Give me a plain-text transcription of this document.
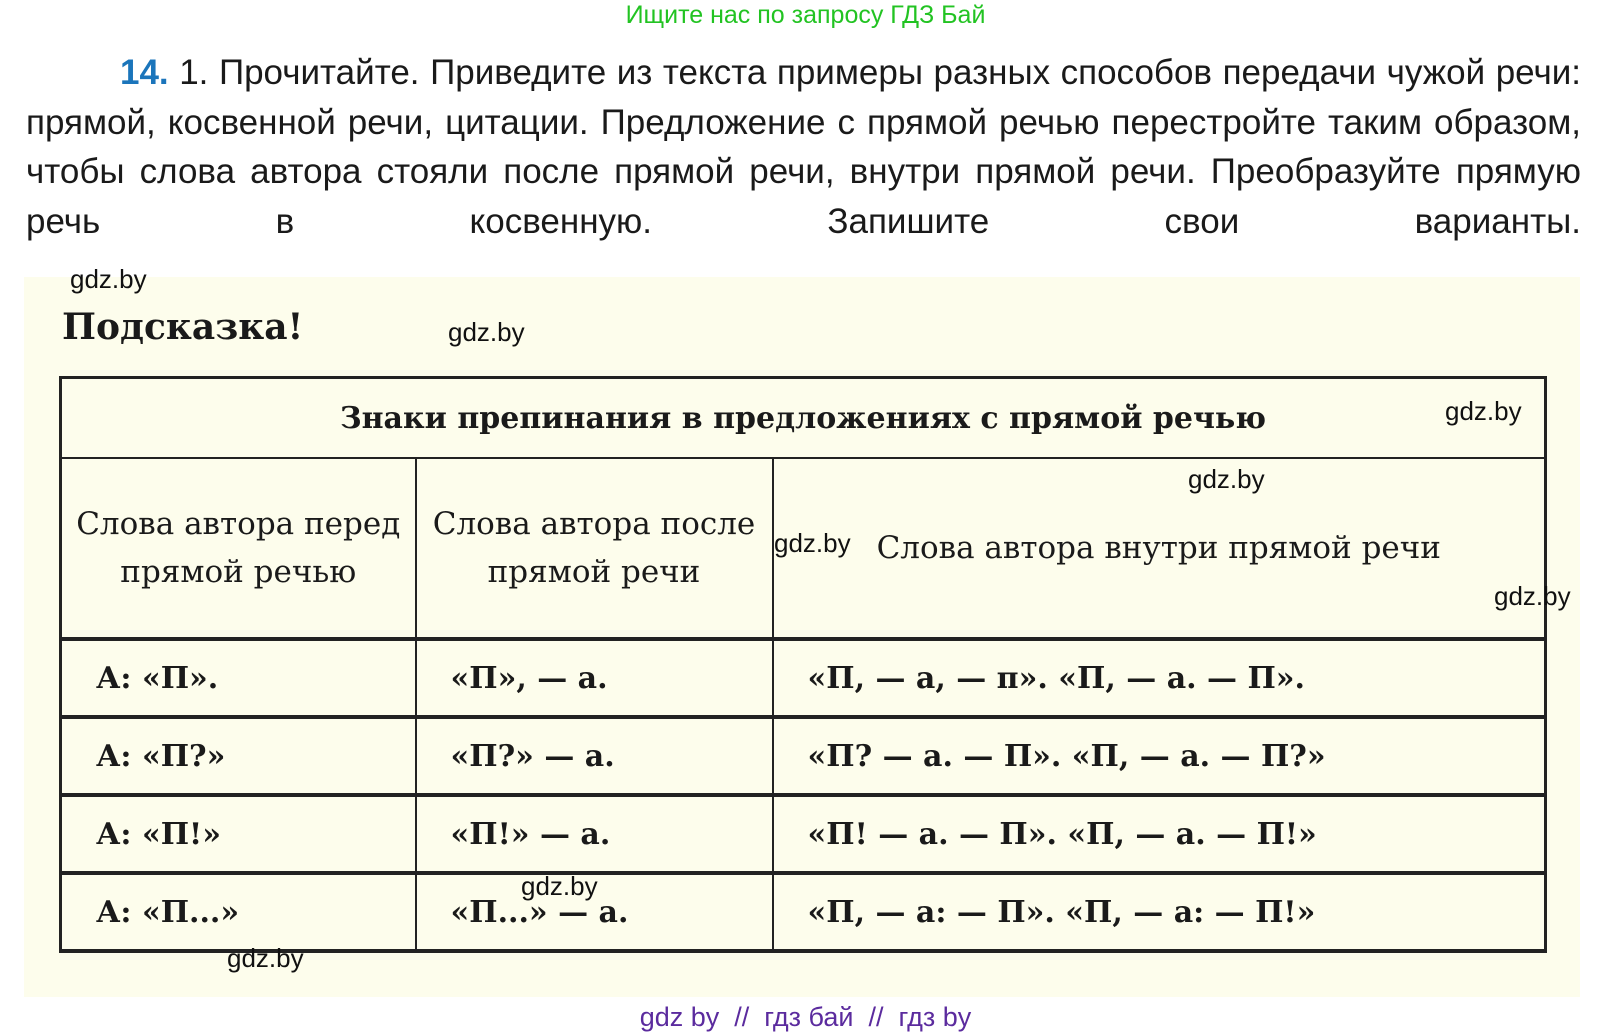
Ищите нас по запросу ГДЗ Бай

14. 1. Прочитайте. Приведите из текста примеры разных способов передачи чужой речи: прямой, косвенной речи, цитации. Предложение с прямой речью перестройте таким образом, чтобы слова автора стояли после прямой речи, внутри прямой речи. Преобразуйте прямую речь в косвенную. Запишите свои варианты.

Подсказка!
Знаки препинания в предложениях с прямой речью		
Слова автора перед прямой речью	Слова автора после прямой речи	Слова автора внутри прямой речи
А: «П».	«П», — а.	«П, — а, — п». «П, — а. — П».
А: «П?»	«П?» — а.	«П? — а. — П». «П, — а. — П?»
А: «П!»	«П!» — а.	«П! — а. — П». «П, — а. — П!»
А: «П...»	«П...» — а.	«П, — а: — П». «П, — а: — П!»
gdz.by
gdz.by
gdz.by
gdz.by
gdz.by
gdz.by
gdz.by
gdz.by
gdz by  //  гдз бай  //  гдз by
